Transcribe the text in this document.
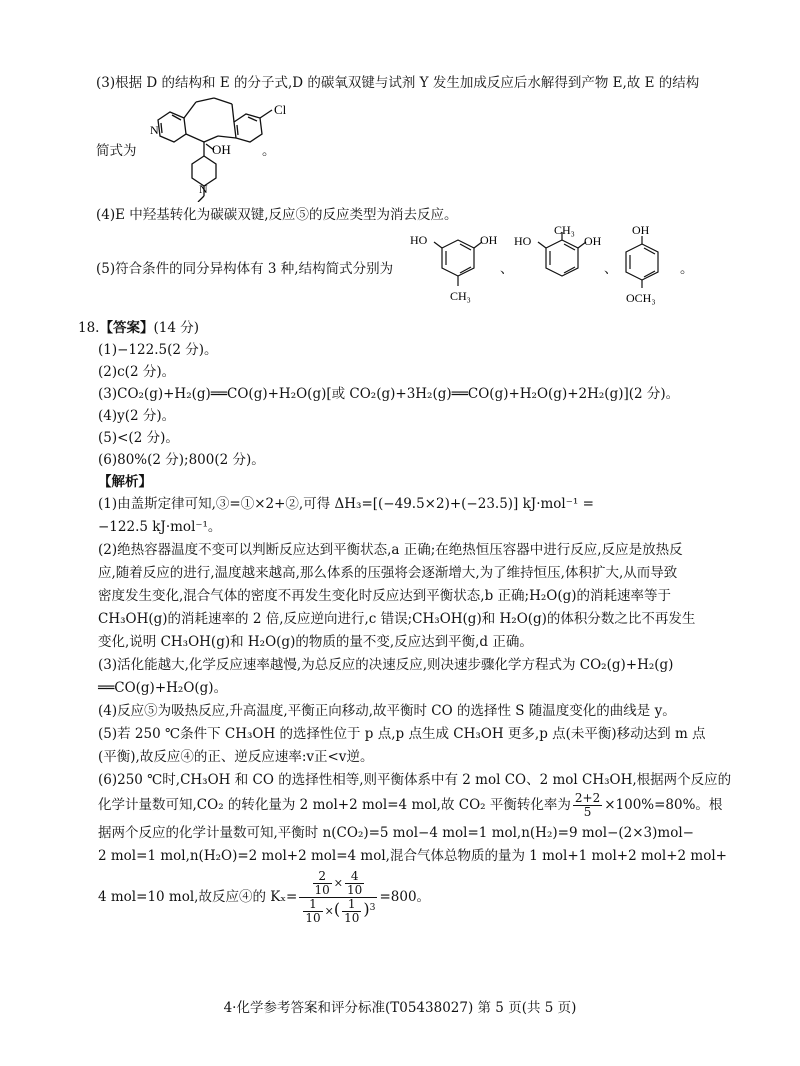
(3)根据 D 的结构和 E 的分子式,D 的碳氧双键与试剂 Y 发生加成反应后水解得到产物 E,故 E 的结构
N
Cl
OH
N
简式为	。
(4)E 中羟基转化为碳碳双键,反应⑤的反应类型为消去反应。
(5)符合条件的同分异构体有 3 种,结构简式分别为
HO	OH
CH₃
、
HO
CH₃
OH
、
OH
OCH₃
。
18.【答案】(14 分)
(1)−122.5(2 分)。
(2)c(2 分)。
(3)CO₂(g)+H₂(g)══CO(g)+H₂O(g)[或 CO₂(g)+3H₂(g)══CO(g)+H₂O(g)+2H₂(g)](2 分)。
(4)y(2 分)。
(5)<(2 分)。
(6)80%(2 分);800(2 分)。
【解析】
(1)由盖斯定律可知,③=①×2+②,可得 ΔH₃=[(−49.5×2)+(−23.5)] kJ·mol⁻¹ =
−122.5 kJ·mol⁻¹。
(2)绝热容器温度不变可以判断反应达到平衡状态,a 正确;在绝热恒压容器中进行反应,反应是放热反
应,随着反应的进行,温度越来越高,那么体系的压强将会逐渐增大,为了维持恒压,体积扩大,从而导致
密度发生变化,混合气体的密度不再发生变化时反应达到平衡状态,b 正确;H₂O(g)的消耗速率等于
CH₃OH(g)的消耗速率的 2 倍,反应逆向进行,c 错误;CH₃OH(g)和 H₂O(g)的体积分数之比不再发生
变化,说明 CH₃OH(g)和 H₂O(g)的物质的量不变,反应达到平衡,d 正确。
(3)活化能越大,化学反应速率越慢,为总反应的决速反应,则决速步骤化学方程式为 CO₂(g)+H₂(g)
══CO(g)+H₂O(g)。
(4)反应⑤为吸热反应,升高温度,平衡正向移动,故平衡时 CO 的选择性 S 随温度变化的曲线是 y。
(5)若 250 ℃条件下 CH₃OH 的选择性位于 p 点,p 点生成 CH₃OH 更多,p 点(未平衡)移动达到 m 点
(平衡),故反应④的正、逆反应速率:v正<v逆。
(6)250 ℃时,CH₃OH 和 CO 的选择性相等,则平衡体系中有 2 mol CO、2 mol CH₃OH,根据两个反应的
化学计量数可知,CO₂ 的转化量为 2 mol+2 mol=4 mol,故 CO₂ 平衡转化率为 $\frac{2+2}{5} \times 100\%=80\%$。根
据两个反应的化学计量数可知,平衡时 n(CO₂)=5 mol−4 mol=1 mol,n(H₂)=9 mol−(2×3)mol−
2 mol=1 mol,n(H₂O)=2 mol+2 mol=4 mol,混合气体总物质的量为 1 mol+1 mol+2 mol+2 mol+
4 mol=10 mol,故反应④的 $K_x= \frac{\frac{2}{10} \times \frac{4}{10}}{\frac{1}{10} \times( \frac{1}{10} )^3} =800$。
4·化学参考答案和评分标准(T05438027) 第 5 页(共 5 页)
